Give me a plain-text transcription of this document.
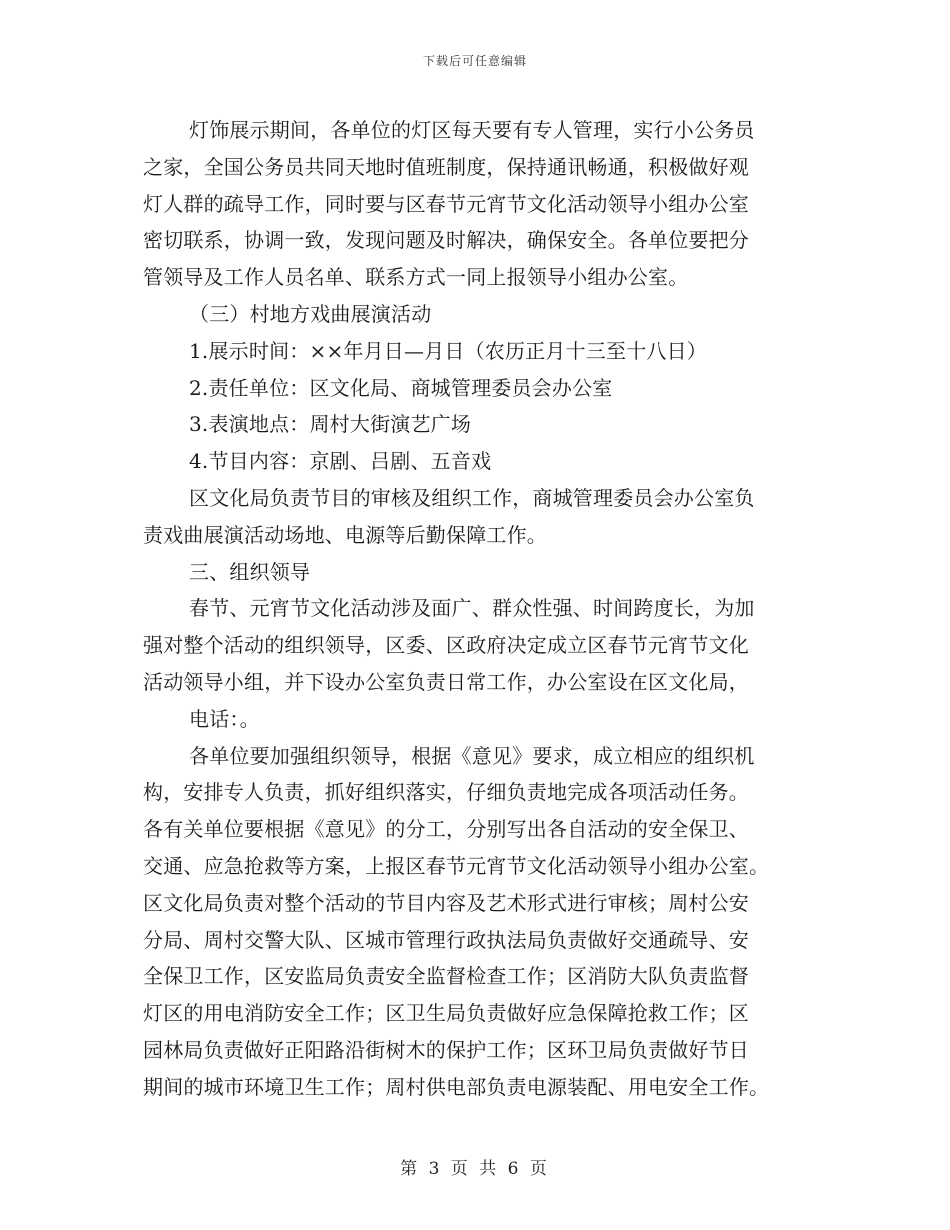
下载后可任意编辑
灯饰展示期间，各单位的灯区每天要有专人管理，实行小公务员
之家，全国公务员共同天地时值班制度，保持通讯畅通，积极做好观
灯人群的疏导工作，同时要与区春节元宵节文化活动领导小组办公室
密切联系，协调一致，发现问题及时解决，确保安全。各单位要把分
管领导及工作人员名单、联系方式一同上报领导小组办公室。
（三）村地方戏曲展演活动
1.展示时间：××年月日—月日（农历正月十三至十八日）
2.责任单位：区文化局、商城管理委员会办公室
3.表演地点：周村大街演艺广场
4.节目内容：京剧、吕剧、五音戏
区文化局负责节目的审核及组织工作，商城管理委员会办公室负
责戏曲展演活动场地、电源等后勤保障工作。
三、组织领导
春节、元宵节文化活动涉及面广、群众性强、时间跨度长，为加
强对整个活动的组织领导，区委、区政府决定成立区春节元宵节文化
活动领导小组，并下设办公室负责日常工作，办公室设在区文化局，
电话：。
各单位要加强组织领导，根据《意见》要求，成立相应的组织机
构，安排专人负责，抓好组织落实，仔细负责地完成各项活动任务。
各有关单位要根据《意见》的分工，分别写出各自活动的安全保卫、
交通、应急抢救等方案，上报区春节元宵节文化活动领导小组办公室。
区文化局负责对整个活动的节目内容及艺术形式进行审核；周村公安
分局、周村交警大队、区城市管理行政执法局负责做好交通疏导、安
全保卫工作，区安监局负责安全监督检查工作；区消防大队负责监督
灯区的用电消防安全工作；区卫生局负责做好应急保障抢救工作；区
园林局负责做好正阳路沿街树木的保护工作；区环卫局负责做好节日
期间的城市环境卫生工作；周村供电部负责电源装配、用电安全工作。
第 3 页 共 6 页
